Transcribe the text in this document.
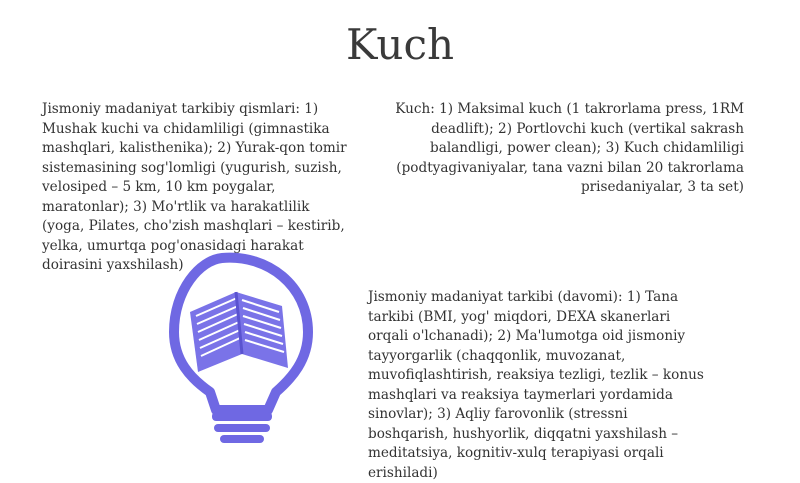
Kuch
Jismoniy madaniyat tarkibiy qismlari: 1) Mushak kuchi va chidamliligi (gimnastika mashqlari, kalisthenika); 2) Yurak-qon tomir sistemasining sog'lomligi (yugurish, suzish, velosiped – 5 km, 10 km poygalar, maratonlar); 3) Mo'rtlik va harakatlilik (yoga, Pilates, cho'zish mashqlari – kestirib, yelka, umurtqa pog'onasidagi harakat doirasini yaxshilash)
Kuch: 1) Maksimal kuch (1 takrorlama press, 1RM deadlift); 2) Portlovchi kuch (vertikal sakrash balandligi, power clean); 3) Kuch chidamliligi (podtyagivaniyalar, tana vazni bilan 20 takrorlama prisedaniyalar, 3 ta set)
Jismoniy madaniyat tarkibi (davomi): 1) Tana tarkibi (BMI, yog' miqdori, DEXA skanerlari orqali o'lchanadi); 2) Ma'lumotga oid jismoniy tayyorgarlik (chaqqonlik, muvozanat, muvofiqlashtirish, reaksiya tezligi, tezlik – konus mashqlari va reaksiya taymerlari yordamida sinovlar); 3) Aqliy farovonlik (stressni boshqarish, hushyorlik, diqqatni yaxshilash – meditatsiya, kognitiv-xulq terapiyasi orqali erishiladi)
